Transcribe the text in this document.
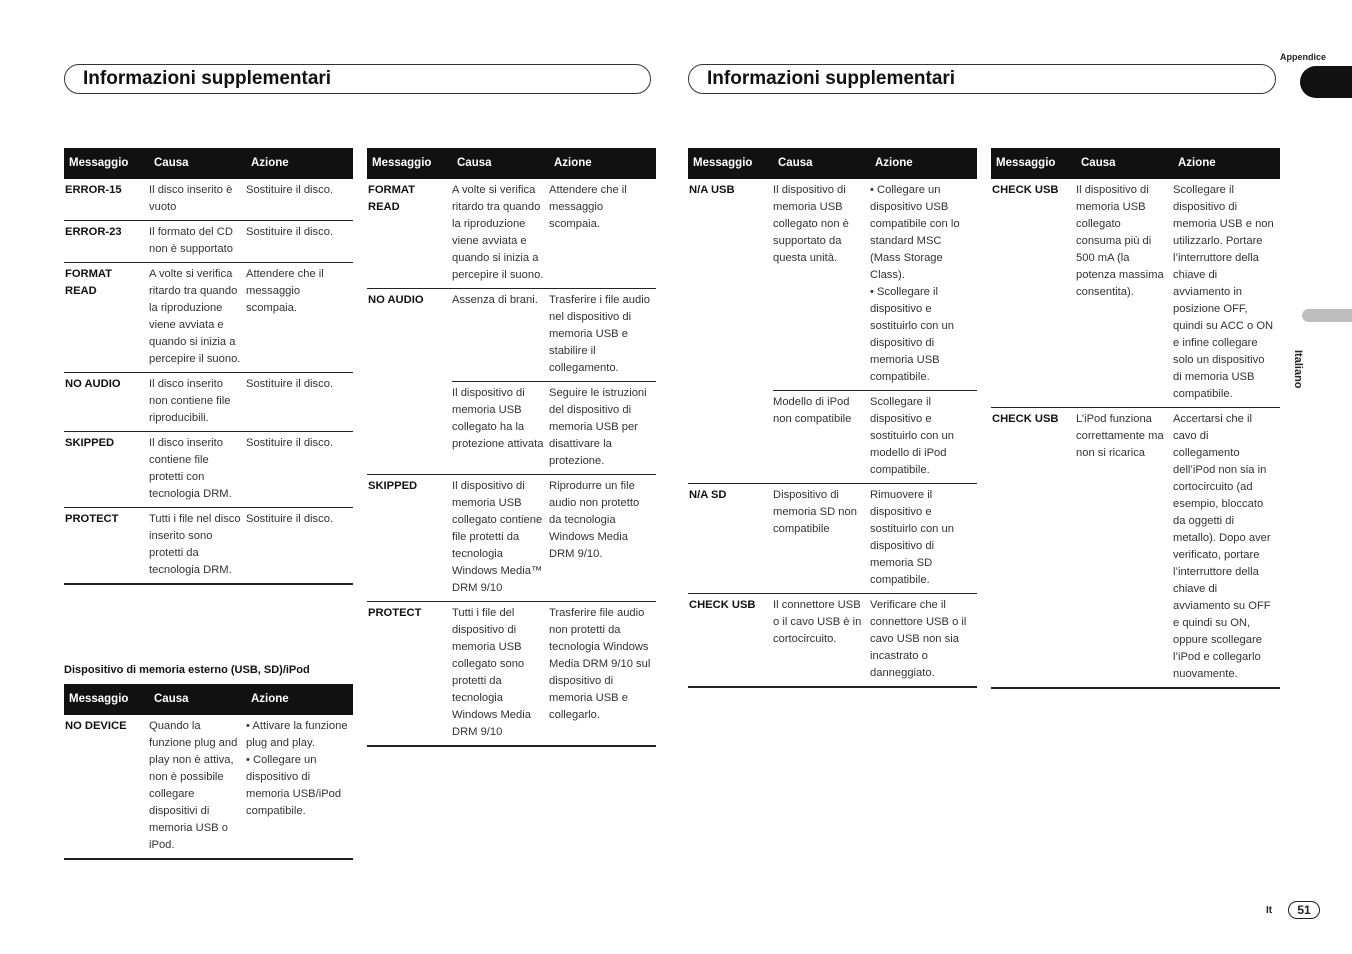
Informazioni supplementari	Informazioni supplementari
Appendice
Italiano
It	51
Messaggio	Causa	Azione
ERROR-15	Il disco inserito è vuoto	Sostituire il disco.
ERROR-23	Il formato del CD non è supportato	Sostituire il disco.
FORMAT READ	A volte si verifica ritardo tra quando la riproduzione viene avviata e quando si inizia a percepire il suono.	Attendere che il messaggio scompaia.
NO AUDIO	Il disco inserito non contiene file riproducibili.	Sostituire il disco.
SKIPPED	Il disco inserito contiene file protetti con tecnologia DRM.	Sostituire il disco.
PROTECT	Tutti i file nel disco inserito sono protetti da tecnologia DRM.	Sostituire il disco.
Dispositivo di memoria esterno (USB, SD)/iPod
Messaggio	Causa	Azione
NO DEVICE	Quando la funzione plug and play non è attiva, non è possibile collegare dispositivi di memoria USB o iPod.	• Attivare la funzione plug and play.
• Collegare un dispositivo di memoria USB/iPod compatibile.
Messaggio	Causa	Azione
FORMAT READ	A volte si verifica ritardo tra quando la riproduzione viene avviata e quando si inizia a percepire il suono.	Attendere che il messaggio scompaia.
NO AUDIO	Assenza di brani.	Trasferire i file audio nel dispositivo di memoria USB e stabilire il collegamento.
	Il dispositivo di memoria USB collegato ha la protezione attivata	Seguire le istruzioni del dispositivo di memoria USB per disattivare la protezione.
SKIPPED	Il dispositivo di memoria USB collegato contiene file protetti da tecnologia Windows Media™ DRM 9/10	Riprodurre un file audio non protetto da tecnologia Windows Media DRM 9/10.
PROTECT	Tutti i file del dispositivo di memoria USB collegato sono protetti da tecnologia Windows Media DRM 9/10	Trasferire file audio non protetti da tecnologia Windows Media DRM 9/10 sul dispositivo di memoria USB e collegarlo.
Messaggio	Causa	Azione
N/A USB	Il dispositivo di memoria USB collegato non è supportato da questa unità.	• Collegare un dispositivo USB compatibile con lo standard MSC (Mass Storage Class).
• Scollegare il dispositivo e sostituirlo con un dispositivo di memoria USB compatibile.

	Modello di iPod non compatibile	Scollegare il dispositivo e sostituirlo con un modello di iPod compatibile.
N/A SD	Dispositivo di memoria SD non compatibile	Rimuovere il dispositivo e sostituirlo con un dispositivo di memoria SD compatibile.
CHECK USB	Il connettore USB o il cavo USB è in cortocircuito.	Verificare che il connettore USB o il cavo USB non sia incastrato o danneggiato.
Messaggio	Causa	Azione
CHECK USB	Il dispositivo di memoria USB collegato consuma più di 500 mA (la potenza massima consentita).	Scollegare il dispositivo di memoria USB e non utilizzarlo. Portare l’interruttore della chiave di avviamento in posizione OFF, quindi su ACC o ON e infine collegare solo un dispositivo di memoria USB compatibile.
CHECK USB	L’iPod funziona correttamente ma non si ricarica	Accertarsi che il cavo di collegamento dell’iPod non sia in cortocircuito (ad esempio, bloccato da oggetti di metallo). Dopo aver verificato, portare l’interruttore della chiave di avviamento su OFF e quindi su ON, oppure scollegare l’iPod e collegarlo nuovamente.
